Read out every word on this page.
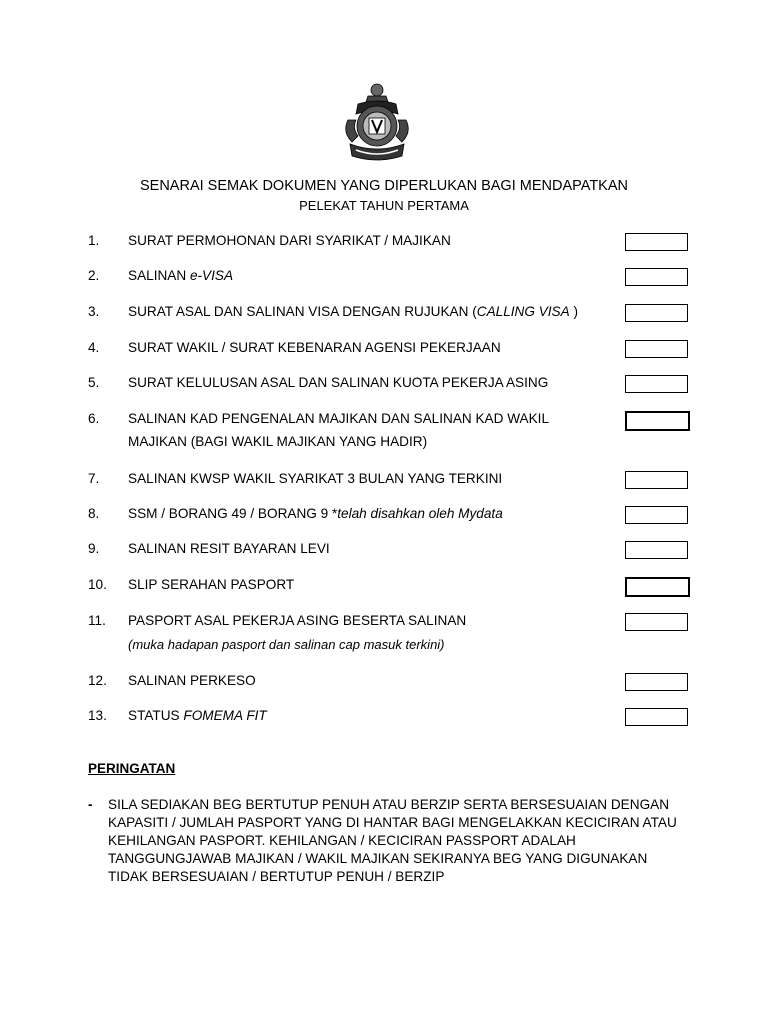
SENARAI SEMAK DOKUMEN YANG DIPERLUKAN BAGI MENDAPATKAN
PELEKAT TAHUN PERTAMA
1. SURAT PERMOHONAN DARI SYARIKAT / MAJIKAN
2. SALINAN e-VISA
3. SURAT ASAL DAN SALINAN VISA DENGAN RUJUKAN (CALLING VISA )
4. SURAT WAKIL / SURAT KEBENARAN AGENSI PEKERJAAN
5. SURAT KELULUSAN ASAL DAN SALINAN KUOTA PEKERJA ASING
6. SALINAN KAD PENGENALAN MAJIKAN DAN SALINAN KAD WAKIL
MAJIKAN (BAGI WAKIL MAJIKAN YANG HADIR)
7. SALINAN KWSP WAKIL SYARIKAT 3 BULAN YANG TERKINI
8. SSM / BORANG 49 / BORANG 9 *telah disahkan oleh Mydata
9. SALINAN RESIT BAYARAN LEVI
10. SLIP SERAHAN PASPORT
11. PASPORT ASAL PEKERJA ASING BESERTA SALINAN
(muka hadapan pasport dan salinan cap masuk terkini)
12. SALINAN PERKESO
13. STATUS FOMEMA FIT
PERINGATAN
- SILA SEDIAKAN BEG BERTUTUP PENUH ATAU BERZIP SERTA BERSESUAIAN DENGAN
KAPASITI / JUMLAH PASPORT YANG DI HANTAR BAGI MENGELAKKAN KECICIRAN ATAU
KEHILANGAN PASPORT. KEHILANGAN / KECICIRAN PASSPORT ADALAH
TANGGUNGJAWAB MAJIKAN / WAKIL MAJIKAN SEKIRANYA BEG YANG DIGUNAKAN
TIDAK BERSESUAIAN / BERTUTUP PENUH / BERZIP
